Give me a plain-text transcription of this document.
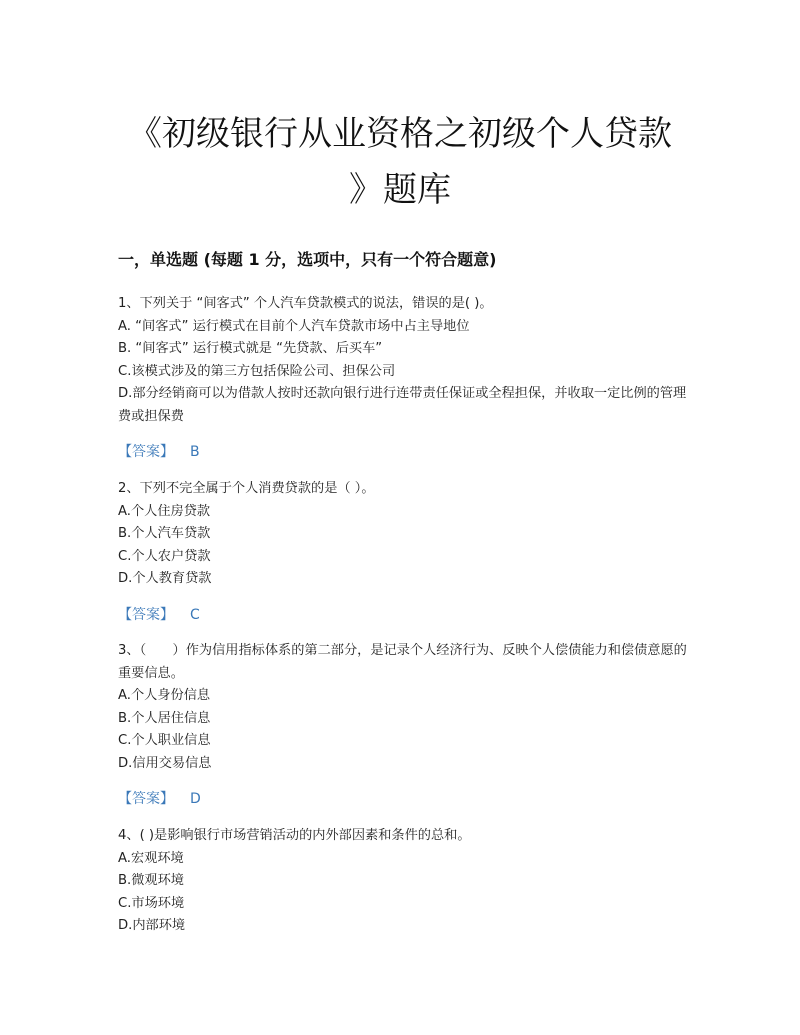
《初级银行从业资格之初级个人贷款
》题库
一，单选题 (每题 1 分，选项中，只有一个符合题意)

1、下列关于 “间客式” 个人汽车贷款模式的说法，错误的是( )。

A. “间客式” 运行模式在目前个人汽车贷款市场中占主导地位

B. “间客式” 运行模式就是 “先贷款、后买车”

C.该模式涉及的第三方包括保险公司、担保公司

D.部分经销商可以为借款人按时还款向银行进行连带责任保证或全程担保，并收取一定比例的管理费或担保费

【答案】 B

2、下列不完全属于个人消费贷款的是（ ）。

A.个人住房贷款

B.个人汽车贷款

C.个人农户贷款

D.个人教育贷款

【答案】 C

3、（　　）作为信用指标体系的第二部分，是记录个人经济行为、反映个人偿债能力和偿债意愿的重要信息。

A.个人身份信息

B.个人居住信息

C.个人职业信息

D.信用交易信息

【答案】 D

4、( )是影响银行市场营销活动的内外部因素和条件的总和。

A.宏观环境

B.微观环境

C.市场环境

D.内部环境
